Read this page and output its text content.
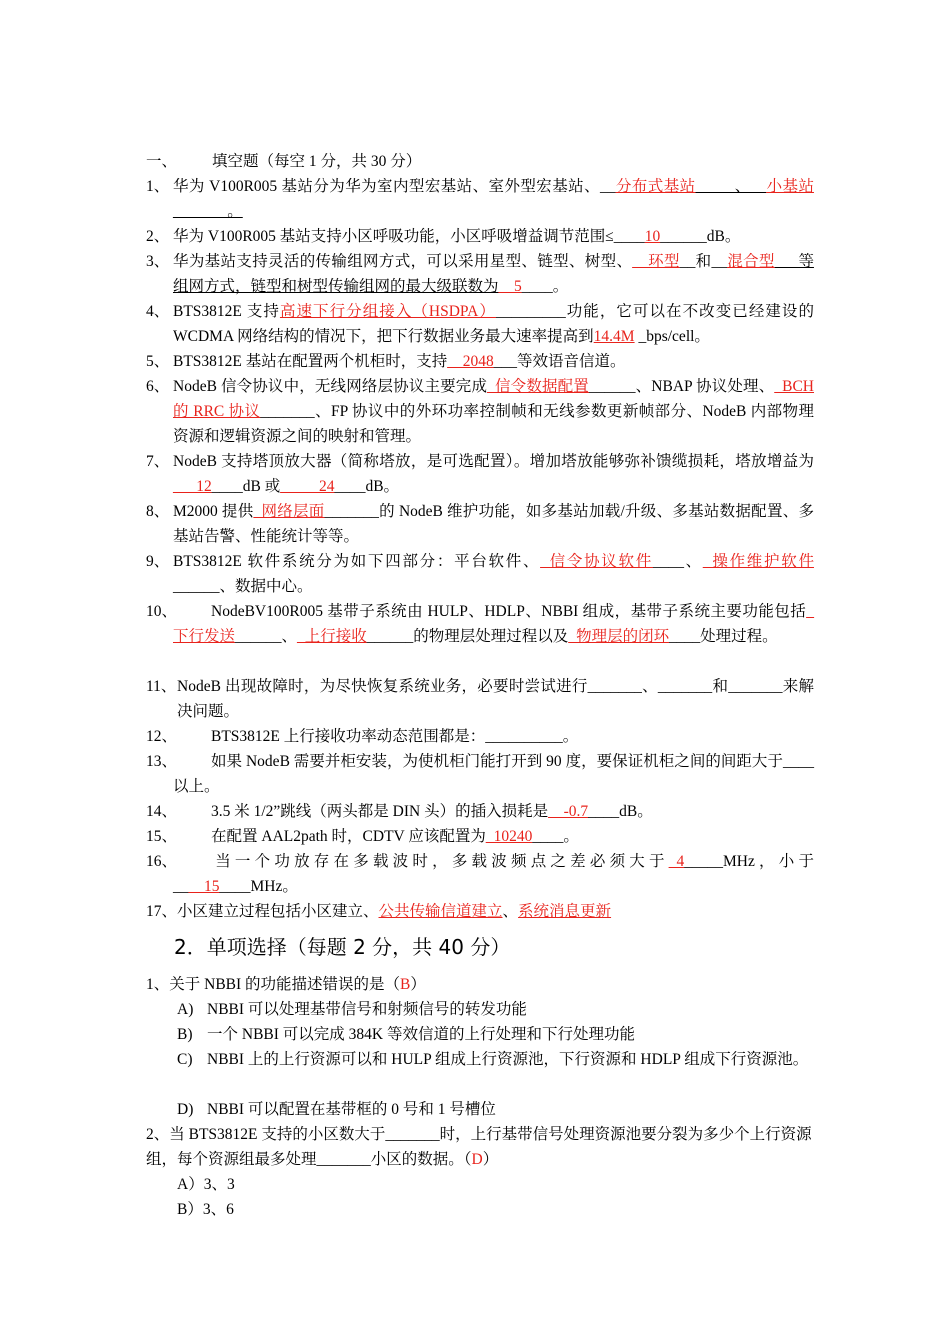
一、 填空题（每空 1 分，共 30 分）
1、 华为 V100R005 基站分为华为室内型宏基站、室外型宏基站、__分布式基站_____、__小基站_______。
2、 华为 V100R005 基站支持小区呼吸功能，小区呼吸增益调节范围≤____10______dB。
3、 华为基站支持灵活的传输组网方式，可以采用星型、链型、树型、__环型__和__混合型___等组网方式，链型和树型传输组网的最大级联数为__5____。
4、 BTS3812E 支持高速下行分组接入（HSDPA）_________功能，它可以在不改变已经建设的 WCDMA 网络结构的情况下，把下行数据业务最大速率提高到14.4M _bps/cell。
5、 BTS3812E 基站在配置两个机柜时，支持__2048___等效语音信道。
6、 NodeB 信令协议中，无线网络层协议主要完成_信令数据配置______、NBAP 协议处理、_BCH 的 RRC 协议_______、FP 协议中的外环功率控制帧和无线参数更新帧部分、NodeB 内部物理资源和逻辑资源之间的映射和管理。
7、 NodeB 支持塔顶放大器（简称塔放，是可选配置）。增加塔放能够弥补馈缆损耗，塔放增益为___12____dB 或_____24____dB。
8、 M2000 提供_网络层面_______的 NodeB 维护功能，如多基站加载/升级、多基站数据配置、多基站告警、性能统计等等。
9、 BTS3812E 软件系统分为如下四部分：平台软件、_信令协议软件____、_操作维护软件______、数据中心。
10、	NodeBV100R005 基带子系统由 HULP、HDLP、NBBI 组成，基带子系统主要功能包括_下行发送______、_上行接收______的物理层处理过程以及_物理层的闭环____处理过程。
11、 NodeB 出现故障时，为尽快恢复系统业务，必要时尝试进行_______、_______和_______来解决问题。
12、	BTS3812E 上行接收功率动态范围都是：__________。
13、	如果 NodeB 需要并柜安装，为使机柜门能打开到 90 度，要保证机柜之间的间距大于____以上。
14、	3.5 米 1/2”跳线（两头都是 DIN 头）的插入损耗是__-0.7____dB。
15、	在配置 AAL2path 时，CDTV 应该配置为_10240____。
16、	当一个功放存在多载波时，多载波频点之差必须大于_4_____MHz，小于____15____MHz。
17、 小区建立过程包括小区建立、公共传输信道建立、系统消息更新
2．单项选择（每题 2 分，共 40 分）
1、关于 NBBI 的功能描述错误的是（B）
A) NBBI 可以处理基带信号和射频信号的转发功能
B) 一个 NBBI 可以完成 384K 等效信道的上行处理和下行处理功能
C) NBBI 上的上行资源可以和 HULP 组成上行资源池，下行资源和 HDLP 组成下行资源池。
D) NBBI 可以配置在基带框的 0 号和 1 号槽位
2、当 BTS3812E 支持的小区数大于_______时，上行基带信号处理资源池要分裂为多少个上行资源组，每个资源组最多处理_______小区的数据。（D）
A）3、3
B）3、6
